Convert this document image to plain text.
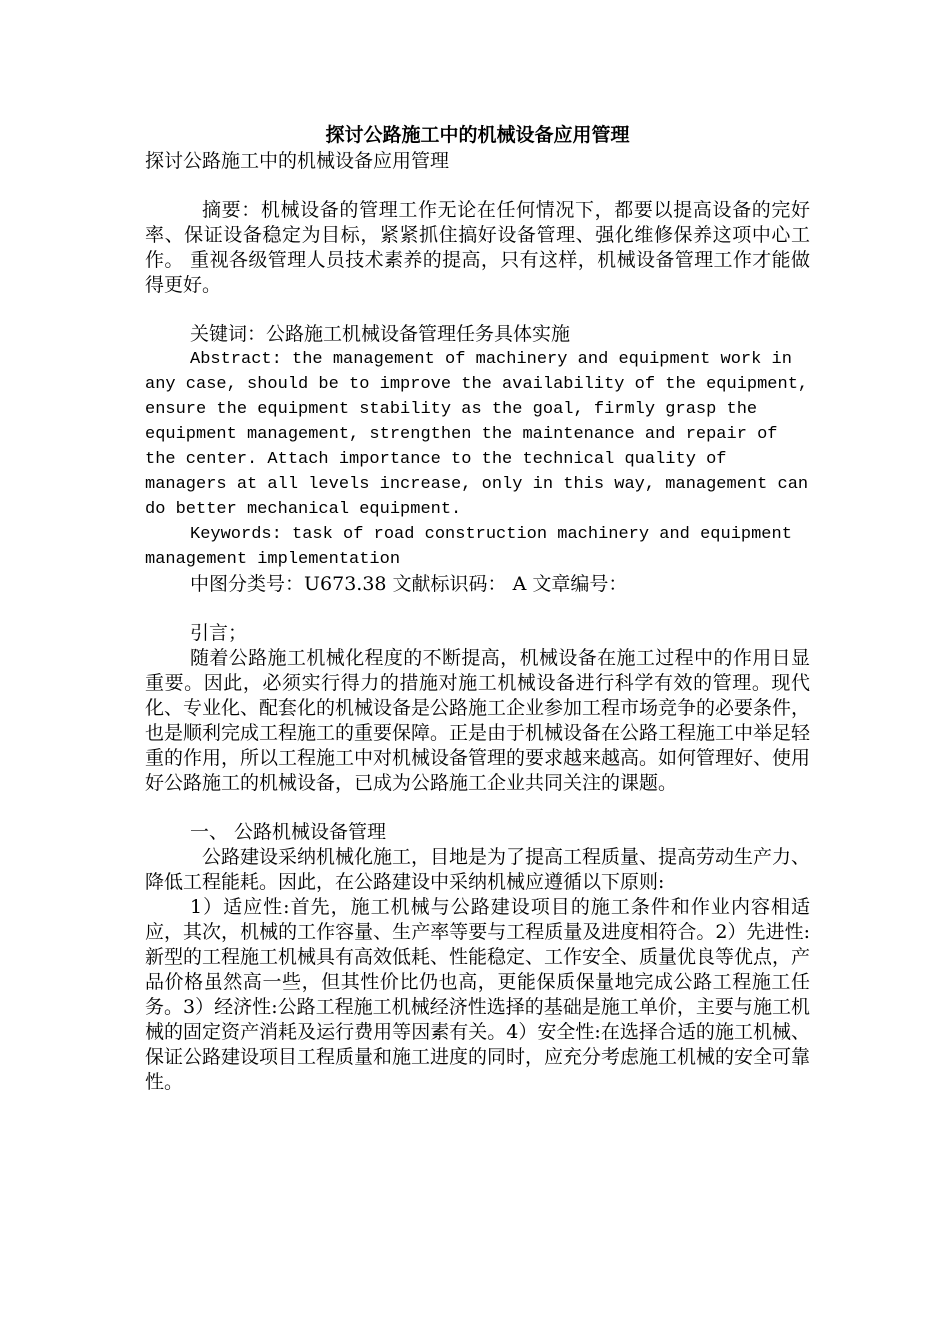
探讨公路施工中的机械设备应用管理
探讨公路施工中的机械设备应用管理

摘要：机械设备的管理工作无论在任何情况下，都要以提高设备的完好率、保证设备稳定为目标，紧紧抓住搞好设备管理、强化维修保养这项中心工作。 重视各级管理人员技术素养的提高，只有这样，机械设备管理工作才能做得更好。

关键词：公路施工机械设备管理任务具体实施

Abstract: the management of machinery and equipment work in any case, should be to improve the availability of the equipment, ensure the equipment stability as the goal, firmly grasp the equipment management, strengthen the maintenance and repair of the center. Attach importance to the technical quality of managers at all levels increase, only in this way, management can do better mechanical equipment.

Keywords: task of road construction machinery and equipment management implementation

中图分类号：U673.38 文献标识码： A 文章编号：

引言；

随着公路施工机械化程度的不断提高，机械设备在施工过程中的作用日显重要。因此，必须实行得力的措施对施工机械设备进行科学有效的管理。现代化、专业化、配套化的机械设备是公路施工企业参加工程市场竞争的必要条件，也是顺利完成工程施工的重要保障。正是由于机械设备在公路工程施工中举足轻重的作用，所以工程施工中对机械设备管理的要求越来越高。如何管理好、使用好公路施工的机械设备，已成为公路施工企业共同关注的课题。

一、 公路机械设备管理

公路建设采纳机械化施工，目地是为了提高工程质量、提高劳动生产力、降低工程能耗。因此，在公路建设中采纳机械应遵循以下原则:

1）适应性:首先，施工机械与公路建设项目的施工条件和作业内容相适应，其次，机械的工作容量、生产率等要与工程质量及进度相符合。2）先进性:新型的工程施工机械具有高效低耗、性能稳定、工作安全、质量优良等优点，产品价格虽然高一些，但其性价比仍也高，更能保质保量地完成公路工程施工任务。3）经济性:公路工程施工机械经济性选择的基础是施工单价，主要与施工机械的固定资产消耗及运行费用等因素有关。4）安全性:在选择合适的施工机械、保证公路建设项目工程质量和施工进度的同时，应充分考虑施工机械的安全可靠性。
